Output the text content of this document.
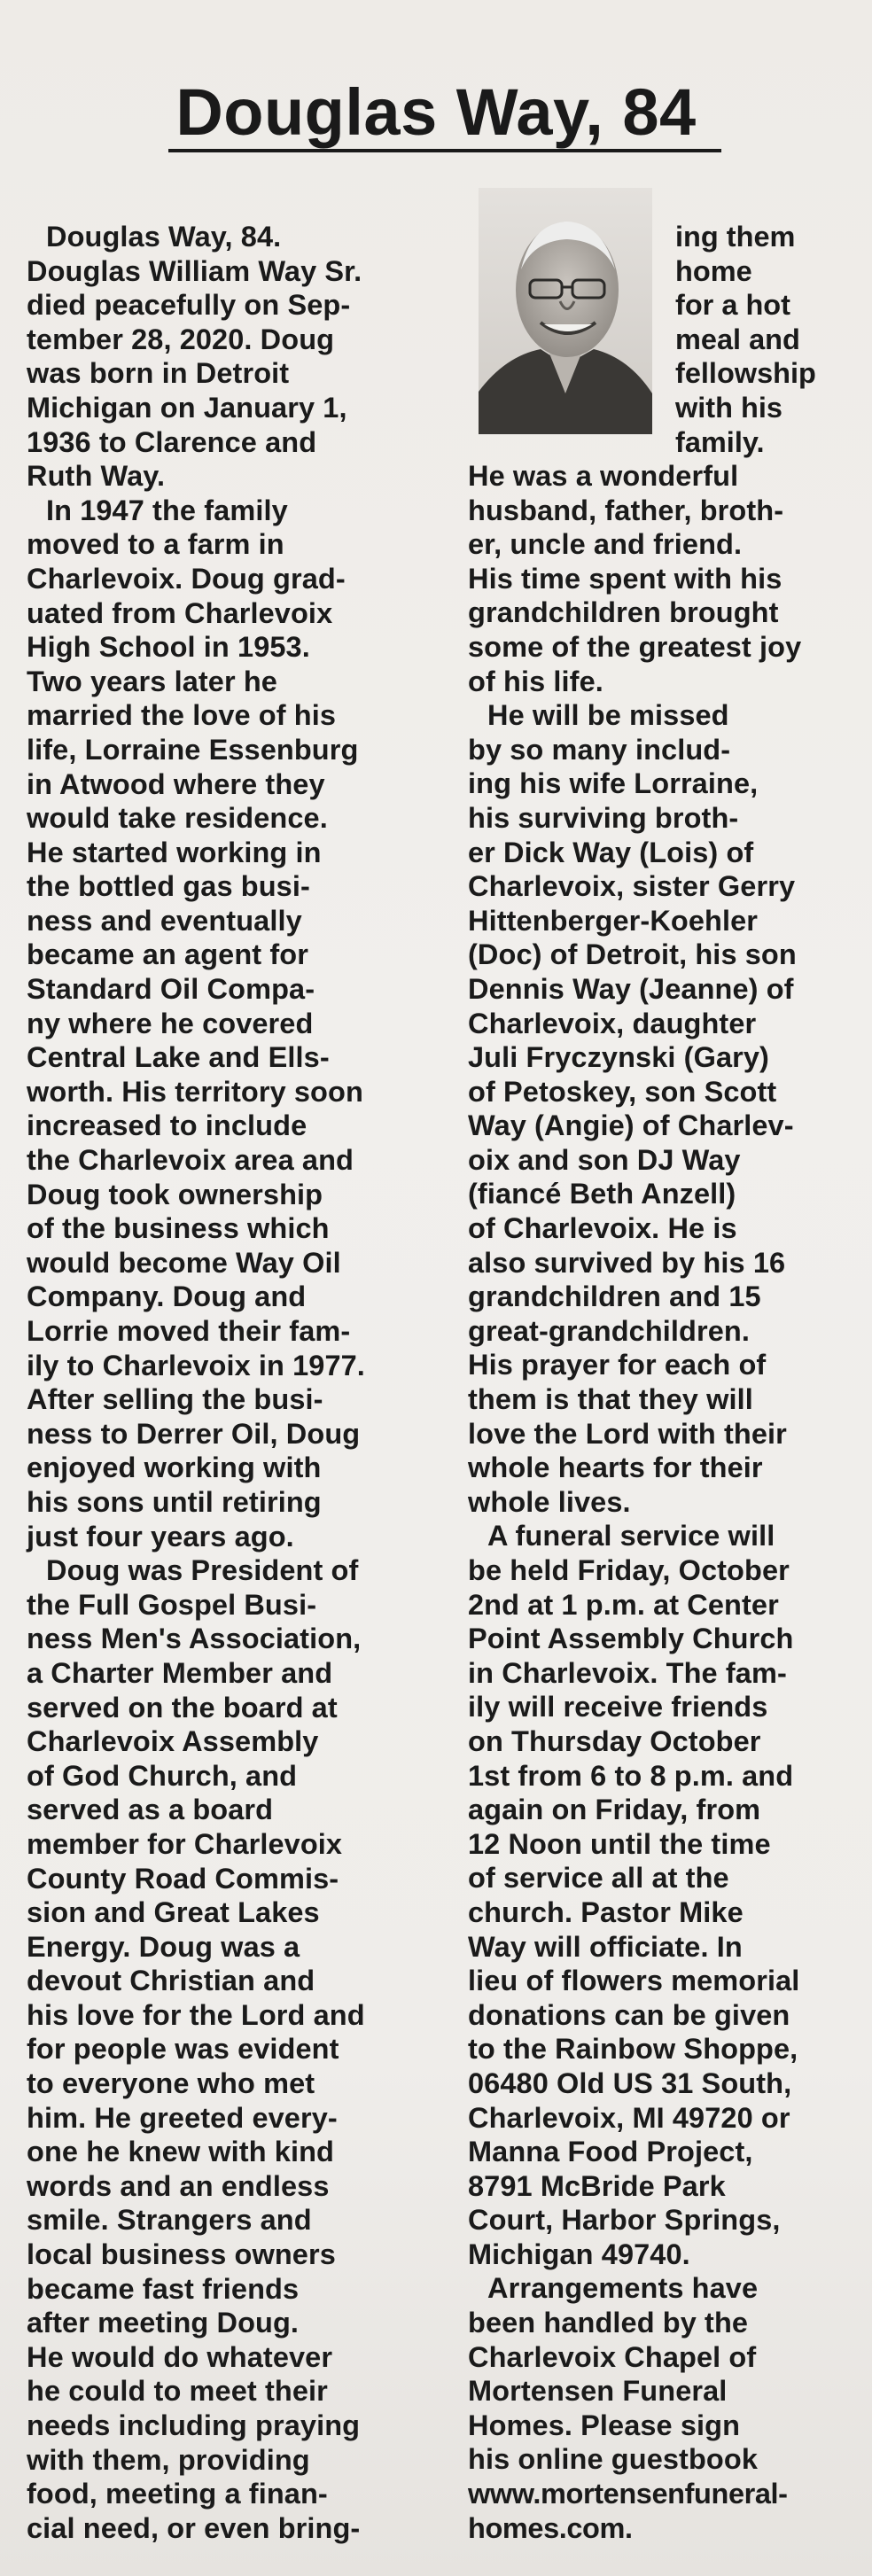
Douglas Way, 84
ing them
home
for a hot
meal and
fellowship
with his
family.

Douglas Way, 84.
Douglas William Way Sr.
died peacefully on Sep-
tember 28, 2020. Doug
was born in Detroit
Michigan on January 1,
1936 to Clarence and
Ruth Way.

In 1947 the family
moved to a farm in
Charlevoix. Doug grad-
uated from Charlevoix
High School in 1953.
Two years later he
married the love of his
life, Lorraine Essenburg
in Atwood where they
would take residence.
He started working in
the bottled gas busi-
ness and eventually
became an agent for
Standard Oil Compa-
ny where he covered
Central Lake and Ells-
worth. His territory soon
increased to include
the Charlevoix area and
Doug took ownership
of the business which
would become Way Oil
Company. Doug and
Lorrie moved their fam-
ily to Charlevoix in 1977.
After selling the busi-
ness to Derrer Oil, Doug
enjoyed working with
his sons until retiring
just four years ago.

Doug was President of
the Full Gospel Busi-
ness Men's Association,
a Charter Member and
served on the board at
Charlevoix Assembly
of God Church, and
served as a board
member for Charlevoix
County Road Commis-
sion and Great Lakes
Energy. Doug was a
devout Christian and
his love for the Lord and
for people was evident
to everyone who met
him. He greeted every-
one he knew with kind
words and an endless
smile. Strangers and
local business owners
became fast friends
after meeting Doug.
He would do whatever
he could to meet their
needs including praying
with them, providing
food, meeting a finan-
cial need, or even bring-

He was a wonderful
husband, father, broth-
er, uncle and friend.
His time spent with his
grandchildren brought
some of the greatest joy
of his life.

He will be missed
by so many includ-
ing his wife Lorraine,
his surviving broth-
er Dick Way (Lois) of
Charlevoix, sister Gerry
Hittenberger-Koehler
(Doc) of Detroit, his son
Dennis Way (Jeanne) of
Charlevoix, daughter
Juli Fryczynski (Gary)
of Petoskey, son Scott
Way (Angie) of Charlev-
oix and son DJ Way
(fiancé Beth Anzell)
of Charlevoix. He is
also survived by his 16
grandchildren and 15
great-grandchildren.
His prayer for each of
them is that they will
love the Lord with their
whole hearts for their
whole lives.

A funeral service will
be held Friday, October
2nd at 1 p.m. at Center
Point Assembly Church
in Charlevoix. The fam-
ily will receive friends
on Thursday October
1st from 6 to 8 p.m. and
again on Friday, from
12 Noon until the time
of service all at the
church. Pastor Mike
Way will officiate. In
lieu of flowers memorial
donations can be given
to the Rainbow Shoppe,
06480 Old US 31 South,
Charlevoix, MI 49720 or
Manna Food Project,
8791 McBride Park
Court, Harbor Springs,
Michigan 49740.

Arrangements have
been handled by the
Charlevoix Chapel of
Mortensen Funeral
Homes. Please sign
his online guestbook

www.mortensenfuneral-
homes.com.
